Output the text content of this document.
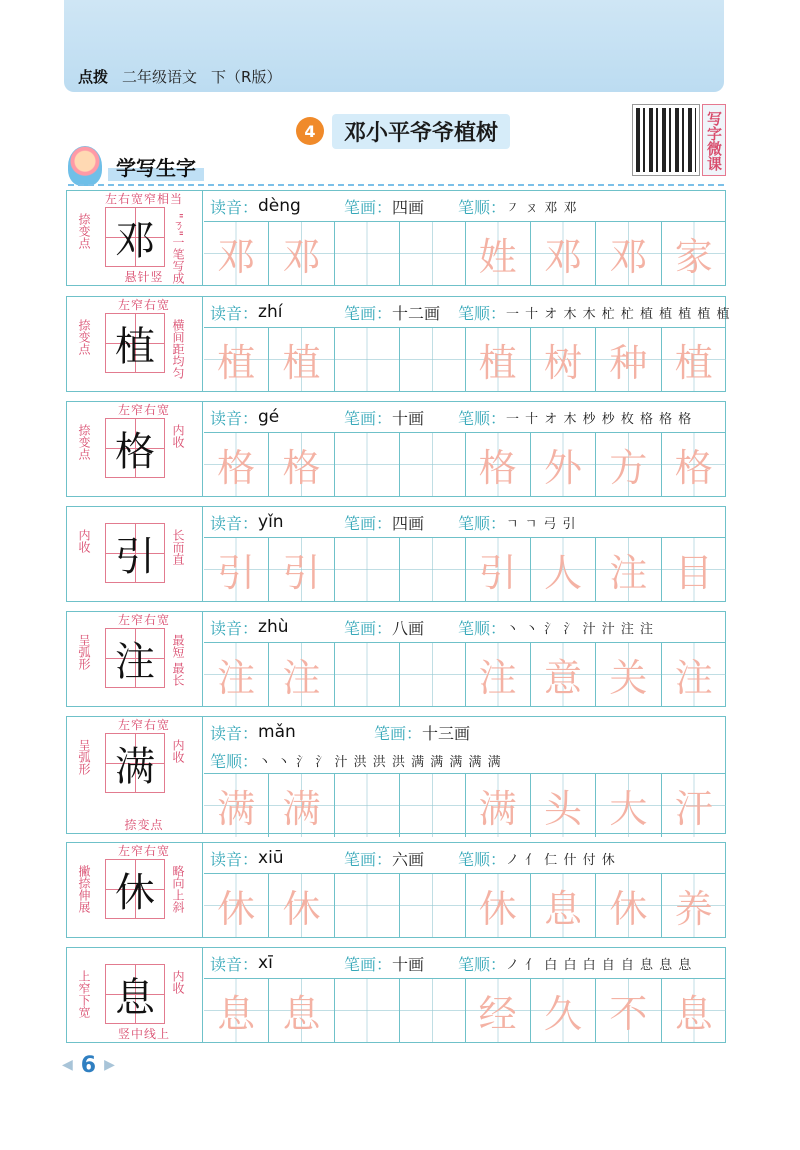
点拨 二年级语文 下（R版）
4	邓小平爷爷植树	写字微课
学写生字
邓
左右宽窄相当
捺变点	"ㄋ"一笔写成
悬针竖
读音： dèng	笔画： 四画	笔顺： ㇇ ㄡ 邓 邓
邓 邓	姓 邓 邓 家
植
左窄右宽
捺变点	横间距均匀
读音： zhí	笔画： 十二画	笔顺： 一 十 オ 木 木 杧 杧 植 植 植 植 植
植 植	植 树 种 植
格
左窄右宽
捺变点	内收
读音： gé	笔画： 十画	笔顺： 一 十 オ 木 杪 杪 枚 格 格 格
格 格	格 外 方 格
引
内收	长而直
读音： yǐn	笔画： 四画	笔顺： ㄱ ㄱ 弓 引
引 引	引 人 注 目
注
左窄右宽
呈弧形	最短 最长
读音： zhù	笔画： 八画	笔顺： 丶 丶 氵 氵 汁 汁 注 注
注 注	注 意 关 注
满
左窄右宽
呈弧形	内收
捺变点
读音： mǎn	笔画： 十三画
笔顺： 丶 丶 氵 氵 汁 洪 洪 洪 满 满 满 满 满
满 满	满 头 大 汗
休
左窄右宽
撇捺伸展	略向上斜
读音： xiū	笔画： 六画	笔顺： ノ 亻 仁 什 付 休
休 休	休 息 休 养
息
上窄下宽	内收
竖中线上
读音： xī	笔画： 十画	笔顺： ノ 亻 白 白 白 自 自 息 息 息
息 息	经 久 不 息
◀ 6 ▶
